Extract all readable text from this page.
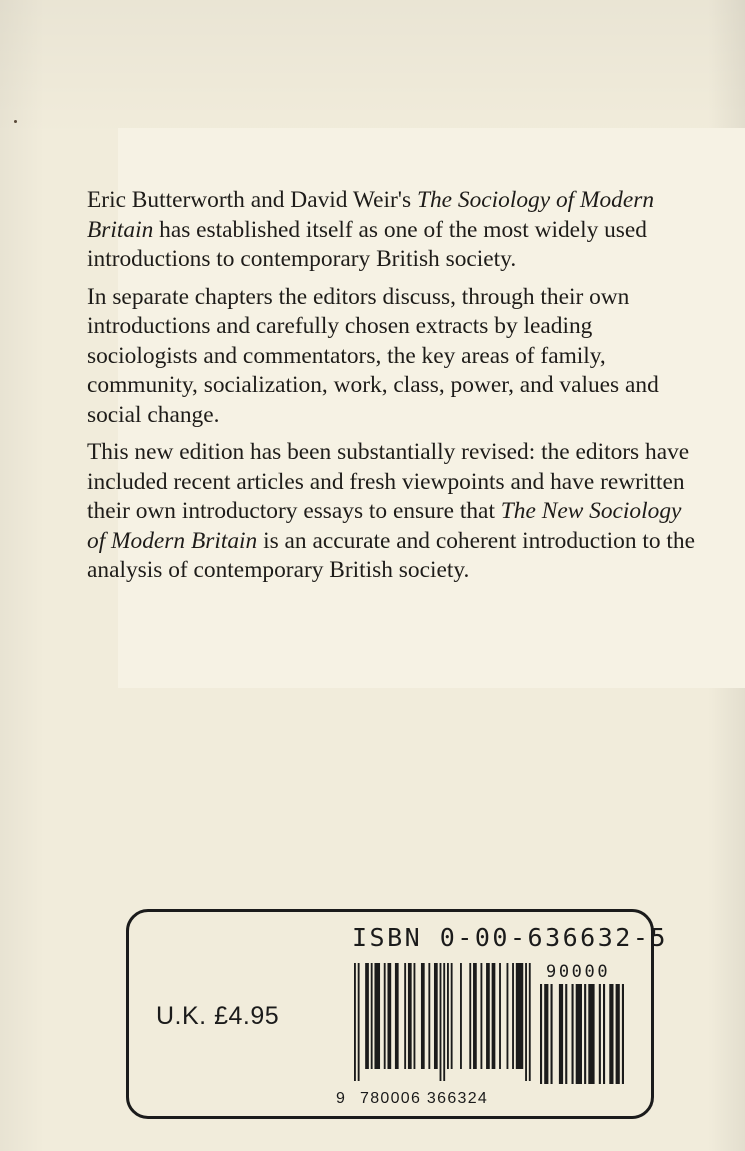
Eric Butterworth and David Weir's The Sociology of Modern Britain has established itself as one of the most widely used introductions to contemporary British society.

In separate chapters the editors discuss, through their own introductions and carefully chosen extracts by leading sociologists and commentators, the key areas of family, community, socialization, work, class, power, and values and social change.

This new edition has been substantially revised: the editors have included recent articles and fresh viewpoints and have rewritten their own introductory essays to ensure that The New Sociology of Modern Britain is an accurate and coherent introduction to the analysis of contemporary British society.

U.K. £4.95
ISBN 0-00-636632-5
90000
9 780006 366324
